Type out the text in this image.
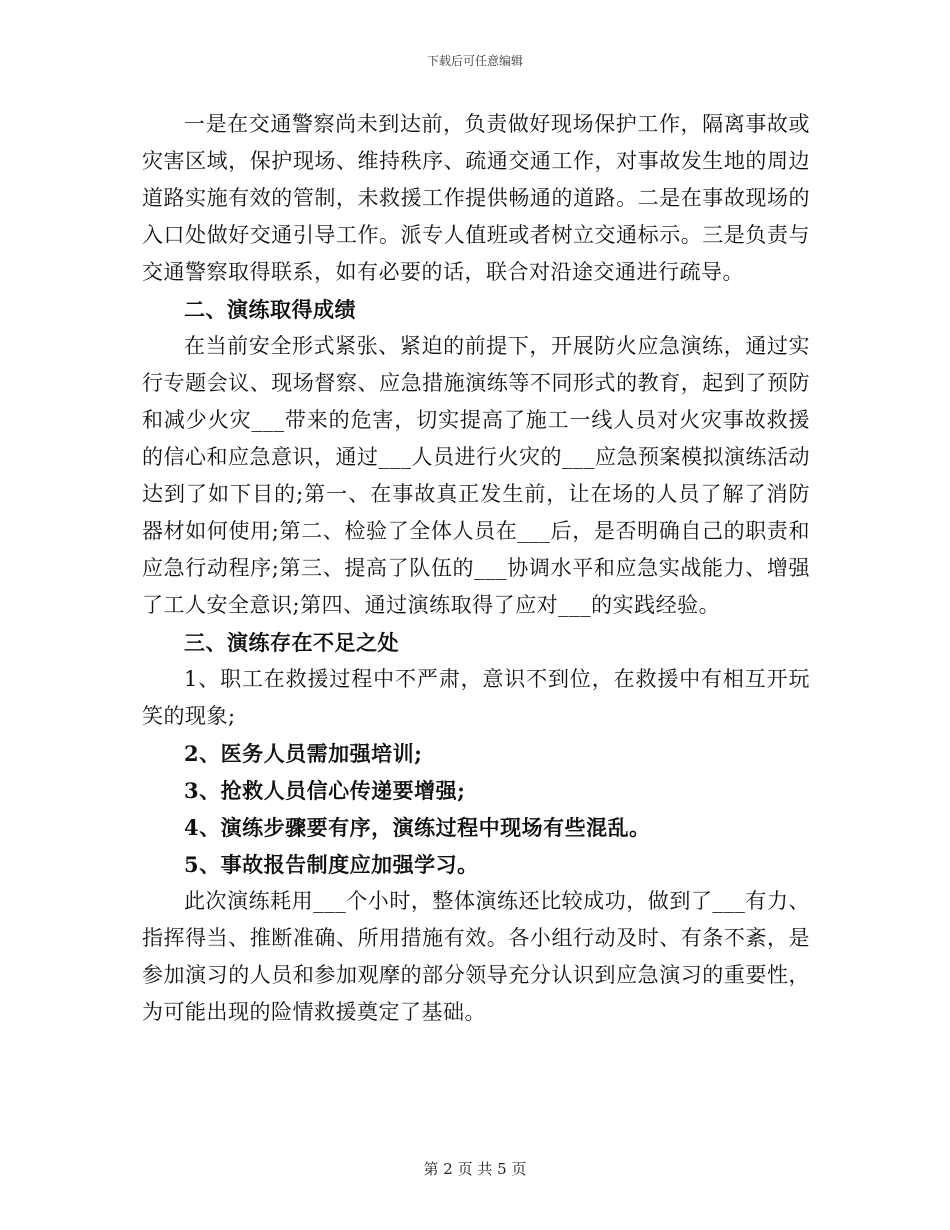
下载后可任意编辑

一是在交通警察尚未到达前，负责做好现场保护工作，隔离事故或灾害区域，保护现场、维持秩序、疏通交通工作，对事故发生地的周边道路实施有效的管制，未救援工作提供畅通的道路。二是在事故现场的入口处做好交通引导工作。派专人值班或者树立交通标示。三是负责与交通警察取得联系，如有必要的话，联合对沿途交通进行疏导。

二、演练取得成绩

在当前安全形式紧张、紧迫的前提下，开展防火应急演练，通过实行专题会议、现场督察、应急措施演练等不同形式的教育，起到了预防和减少火灾___带来的危害，切实提高了施工一线人员对火灾事故救援的信心和应急意识，通过___人员进行火灾的___应急预案模拟演练活动达到了如下目的;第一、在事故真正发生前，让在场的人员了解了消防器材如何使用;第二、检验了全体人员在___后，是否明确自己的职责和应急行动程序;第三、提高了队伍的___协调水平和应急实战能力、增强了工人安全意识;第四、通过演练取得了应对___的实践经验。

三、演练存在不足之处

1、职工在救援过程中不严肃，意识不到位，在救援中有相互开玩笑的现象;

2、医务人员需加强培训;

3、抢救人员信心传递要增强;

4、演练步骤要有序，演练过程中现场有些混乱。

5、事故报告制度应加强学习。

此次演练耗用___个小时，整体演练还比较成功，做到了___有力、指挥得当、推断准确、所用措施有效。各小组行动及时、有条不紊，是参加演习的人员和参加观摩的部分领导充分认识到应急演习的重要性，为可能出现的险情救援奠定了基础。

第 2 页 共 5 页
